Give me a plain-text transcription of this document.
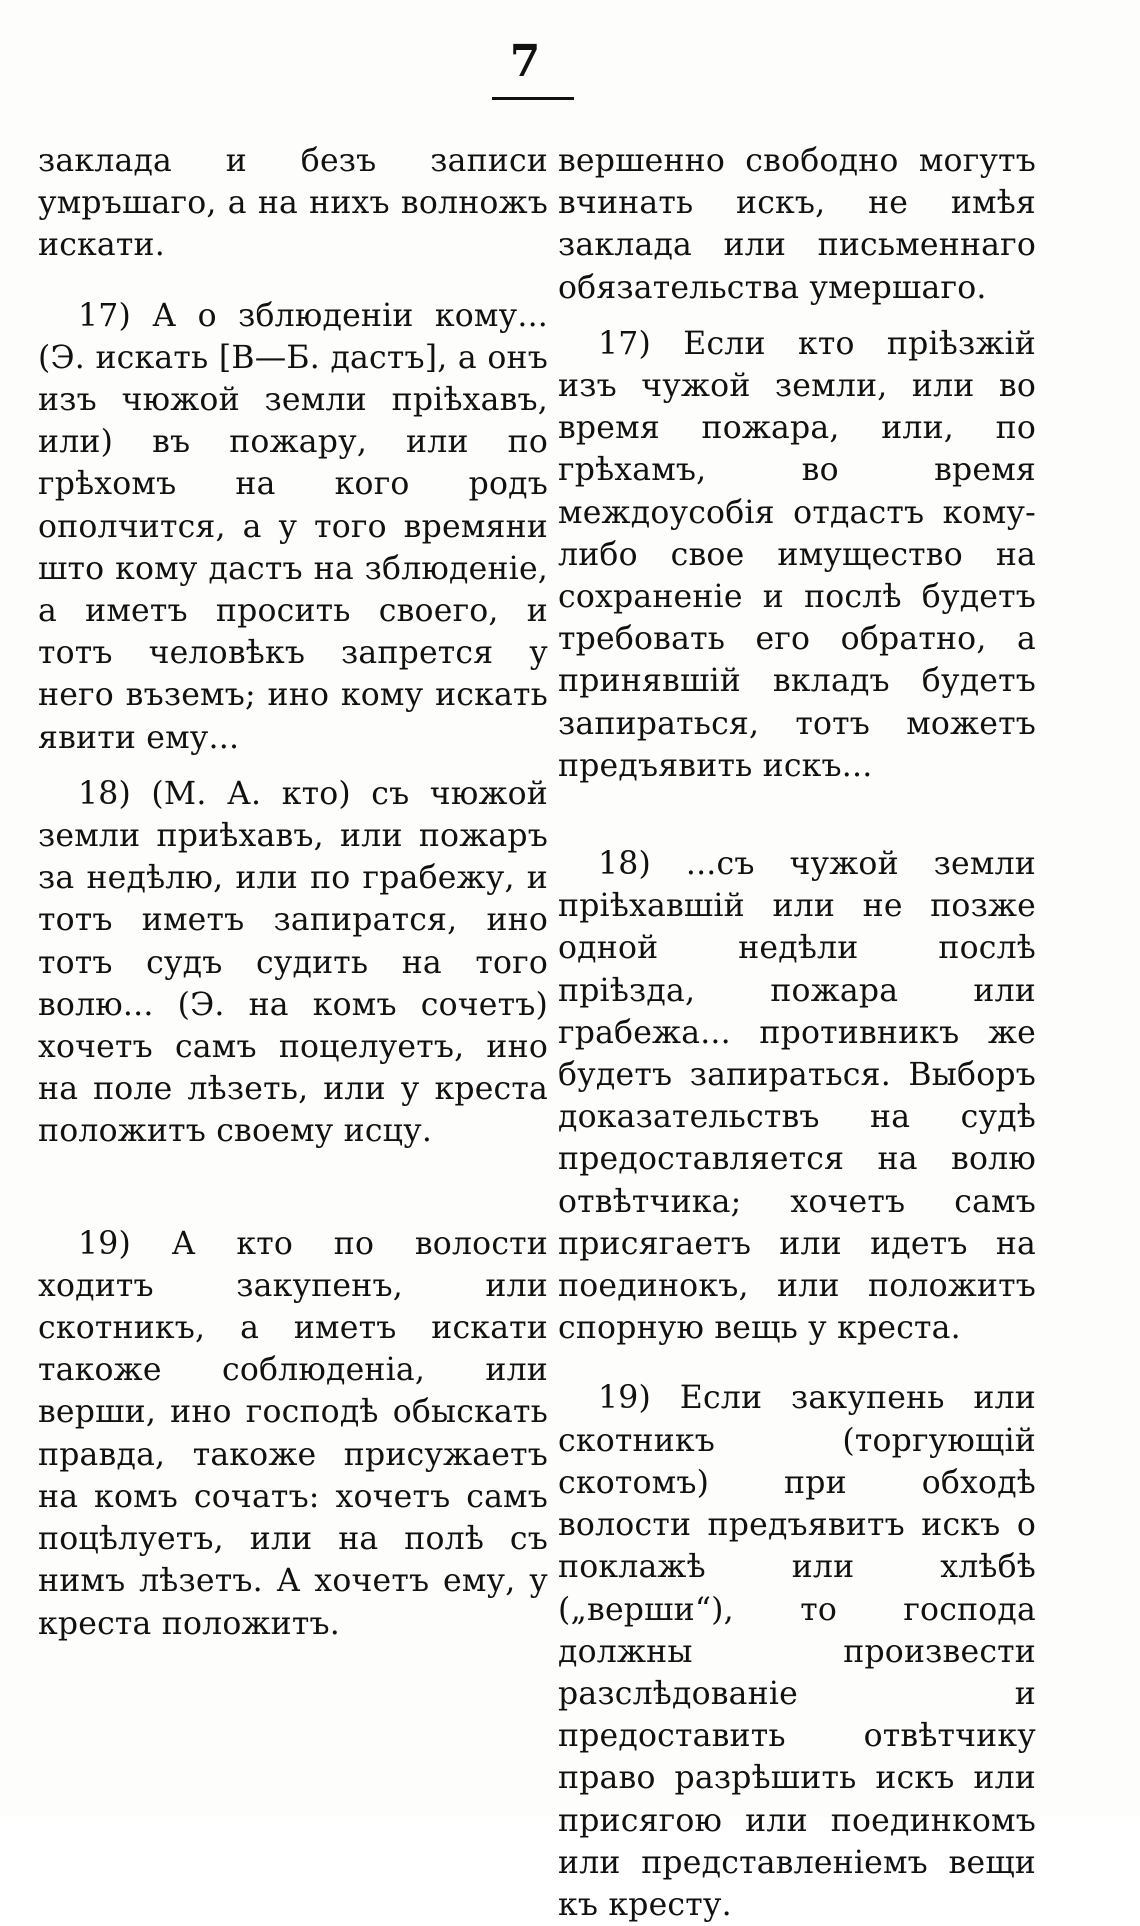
7

заклада и безъ записи умръшаго, а на нихъ волножъ искати.

17) А о зблюденіи кому... (Э. искать [В—Б. дастъ], а онъ изъ чюжой земли пріѣхавъ, или) въ пожару, или по грѣхомъ на кого родъ ополчится, а у того времяни што кому дастъ на зблюденіе, а иметъ просить своего, и тотъ человѣкъ запрется у него въземъ; ино кому искать явити ему...

18) (М. А. кто) съ чюжой земли приѣхавъ, или пожаръ за недѣлю, или по грабежу, и тотъ иметъ запиратся, ино тотъ судъ судить на того волю... (Э. на комъ сочетъ) хочетъ самъ поцелуетъ, ино на поле лѣзеть, или у креста положитъ своему исцу.

19) А кто по волости ходитъ закупенъ, или скотникъ, а иметъ искати такоже соблюденіа, или верши, ино господѣ обыскать правда, такоже присужаетъ на комъ сочатъ: хочетъ самъ поцѣлуетъ, или на полѣ съ нимъ лѣзетъ. А хочетъ ему, у креста положитъ.

вершенно свободно могутъ вчинать искъ, не имѣя заклада или письменнаго обязательства умершаго.

17) Если кто пріѣзжій изъ чужой земли, или во время пожара, или, по грѣхамъ, во время междоусобія отдастъ кому-либо свое имущество на сохраненіе и послѣ будетъ требовать его обратно, а принявшій вкладъ будетъ запираться, тотъ можетъ предъявить искъ...

18) ...съ чужой земли пріѣхавшій или не позже одной недѣли послѣ пріѣзда, пожара или грабежа... противникъ же будетъ запираться. Выборъ доказательствъ на судѣ предоставляется на волю отвѣтчика; хочетъ самъ присягаетъ или идетъ на поединокъ, или положитъ спорную вещь у креста.

19) Если закупень или скотникъ (торгующій скотомъ) при обходѣ волости предъявитъ искъ о поклажѣ или хлѣбѣ („верши“), то господа должны произвести разслѣдованіе и предоставить отвѣтчику право разрѣшить искъ или присягою или поединкомъ или представленіемъ вещи къ кресту.
